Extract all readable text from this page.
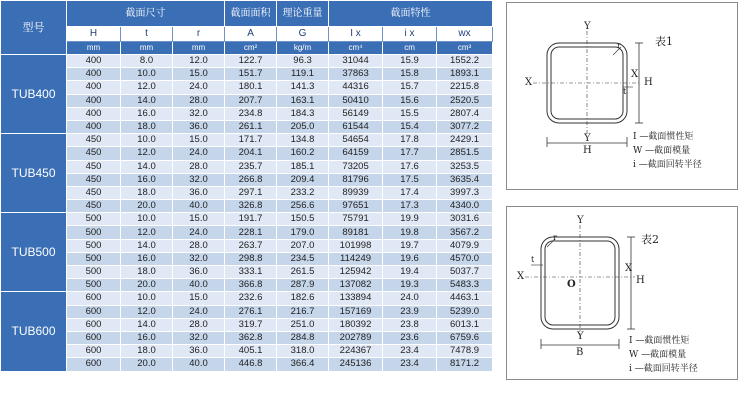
型号	截面尺寸			截面面积	理论重量	截面特性		
	H	t	r	A	G	I x	i x	wx
	mm	mm	mm	cm²	kg/m	cm⁴	cm	cm³
TUB400	400	8.0	12.0	122.7	96.3	31044	15.9	1552.2
	400	10.0	15.0	151.7	119.1	37863	15.8	1893.1
	400	12.0	24.0	180.1	141.3	44316	15.7	2215.8
	400	14.0	28.0	207.7	163.1	50410	15.6	2520.5
	400	16.0	32.0	234.8	184.3	56149	15.5	2807.4
	400	18.0	36.0	261.1	205.0	61544	15.4	3077.2
TUB450	450	10.0	15.0	171.7	134.8	54654	17.8	2429.1
	450	12.0	24.0	204.1	160.2	64159	17.7	2851.5
	450	14.0	28.0	235.7	185.1	73205	17.6	3253.5
	450	16.0	32.0	266.8	209.4	81796	17.5	3635.4
	450	18.0	36.0	297.1	233.2	89939	17.4	3997.3
	450	20.0	40.0	326.8	256.6	97651	17.3	4340.0
TUB500	500	10.0	15.0	191.7	150.5	75791	19.9	3031.6
	500	12.0	24.0	228.1	179.0	89181	19.8	3567.2
	500	14.0	28.0	263.7	207.0	101998	19.7	4079.9
	500	16.0	32.0	298.8	234.5	114249	19.6	4570.0
	500	18.0	36.0	333.1	261.5	125942	19.4	5037.7
	500	20.0	40.0	366.8	287.9	137082	19.3	5483.3
TUB600	600	10.0	15.0	232.6	182.6	133894	24.0	4463.1
	600	12.0	24.0	276.1	216.7	157169	23.9	5239.0
	600	14.0	28.0	319.7	251.0	180392	23.8	6013.1
	600	16.0	32.0	362.8	284.8	202789	23.6	6759.6
	600	18.0	36.0	405.1	318.0	224367	23.4	7478.9
	600	20.0	40.0	446.8	366.4	245136	23.4	8171.2
表1
Y
Y
X
X
H
H
r
t
I —截面惯性矩
W —截面模量
i —截面回转半径
表2
Y
Y
X
X
O	H
B
r
t
I —截面惯性矩
W —截面模量
i —截面回转半径
